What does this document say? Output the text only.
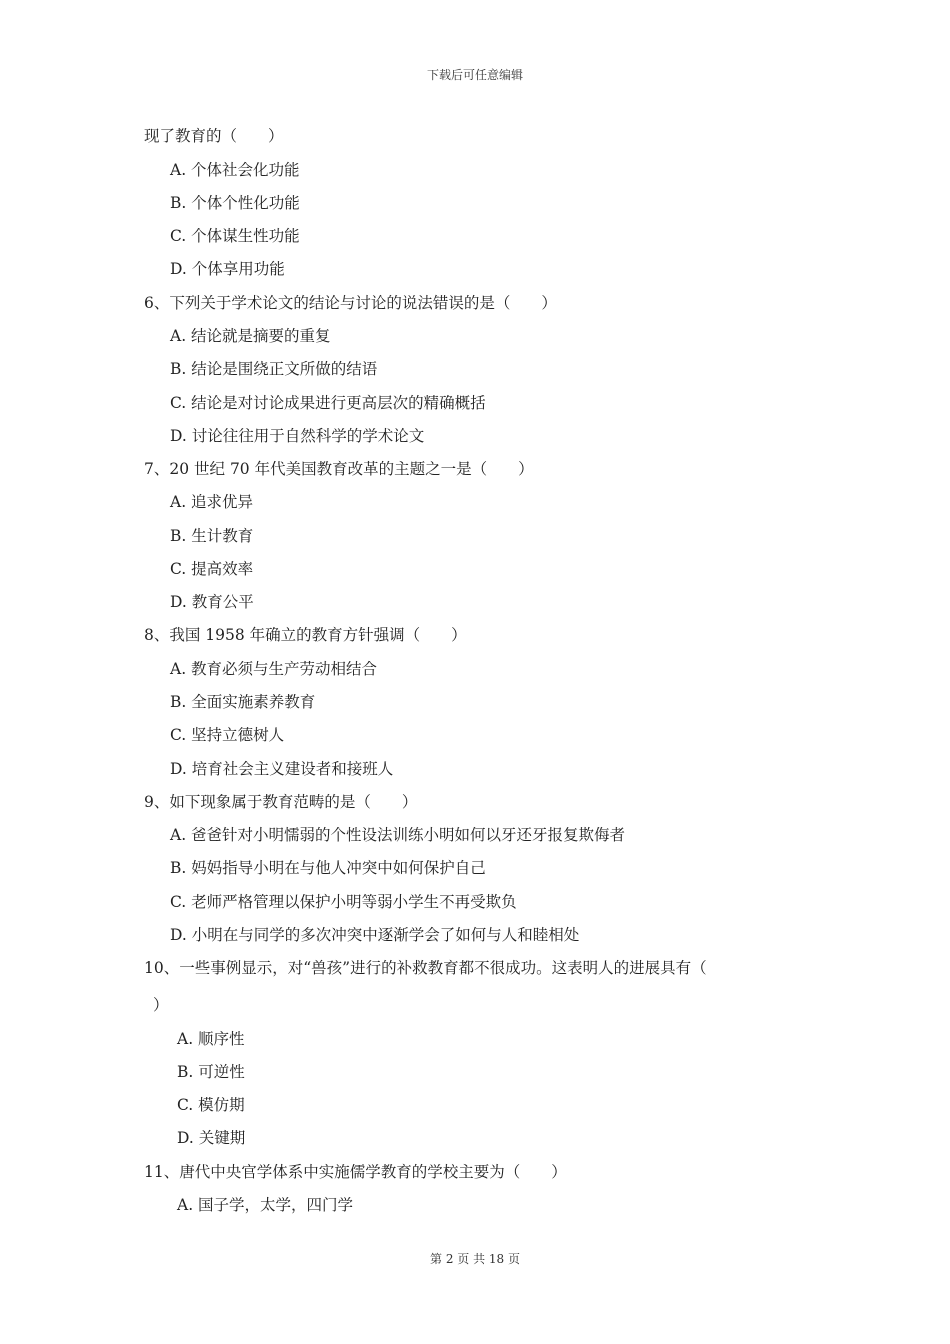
下载后可任意编辑
现了教育的（　　）
A. 个体社会化功能
B. 个体个性化功能
C. 个体谋生性功能
D. 个体享用功能
6、下列关于学术论文的结论与讨论的说法错误的是（　　）
A. 结论就是摘要的重复
B. 结论是围绕正文所做的结语
C. 结论是对讨论成果进行更高层次的精确概括
D. 讨论往往用于自然科学的学术论文
7、20 世纪 70 年代美国教育改革的主题之一是（　　）
A. 追求优异
B. 生计教育
C. 提高效率
D. 教育公平
8、我国 1958 年确立的教育方针强调（　　）
A. 教育必须与生产劳动相结合
B. 全面实施素养教育
C. 坚持立德树人
D. 培育社会主义建设者和接班人
9、如下现象属于教育范畴的是（　　）
A. 爸爸针对小明懦弱的个性设法训练小明如何以牙还牙报复欺侮者
B. 妈妈指导小明在与他人冲突中如何保护自己
C. 老师严格管理以保护小明等弱小学生不再受欺负
D. 小明在与同学的多次冲突中逐渐学会了如何与人和睦相处
10、一些事例显示，对“兽孩”进行的补救教育都不很成功。这表明人的进展具有（
）
A. 顺序性
B. 可逆性
C. 模仿期
D. 关键期
11、唐代中央官学体系中实施儒学教育的学校主要为（　　）
A. 国子学，太学，四门学
第 2 页 共 18 页
